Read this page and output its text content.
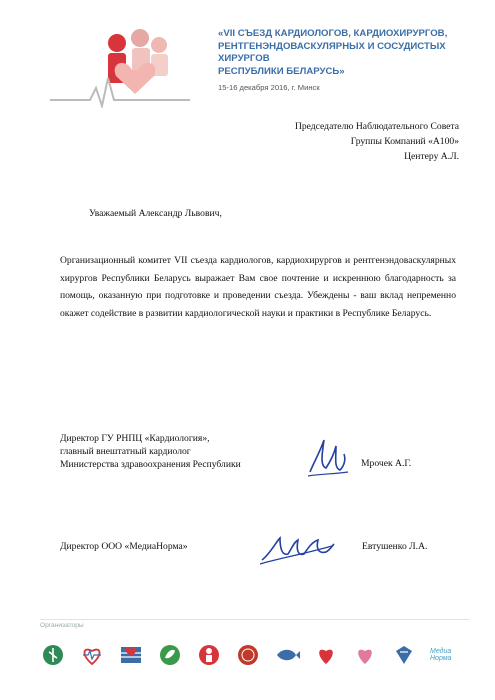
«VII СЪЕЗД КАРДИОЛОГОВ, КАРДИОХИРУРГОВ,
РЕНТГЕНЭНДОВАСКУЛЯРНЫХ И СОСУДИСТЫХ ХИРУРГОВ
РЕСПУБЛИКИ БЕЛАРУСЬ»
15-16 декабря 2016, г. Минск
Председателю Наблюдательного Совета
Группы Компаний «А100»
Центеру А.Л.
Уважаемый Александр Львович,
Организационный комитет VII съезда кардиологов, кардиохирургов и рентгенэндоваскулярных хирургов Республики Беларусь выражает Вам свое почтение и искреннюю благодарность за помощь, оказанную при подготовке и проведении съезда. Убеждены - ваш вклад непременно окажет содействие в развитии кардиологической науки и практики в Республике Беларусь.
Директор ГУ РНПЦ «Кардиология»,
главный внештатный кардиолог
Министерства здравоохранения Республики	Мрочек А.Г.
Директор ООО «МедиаНорма»	Евтушенко Л.А.
Организаторы
Медиа Норма
